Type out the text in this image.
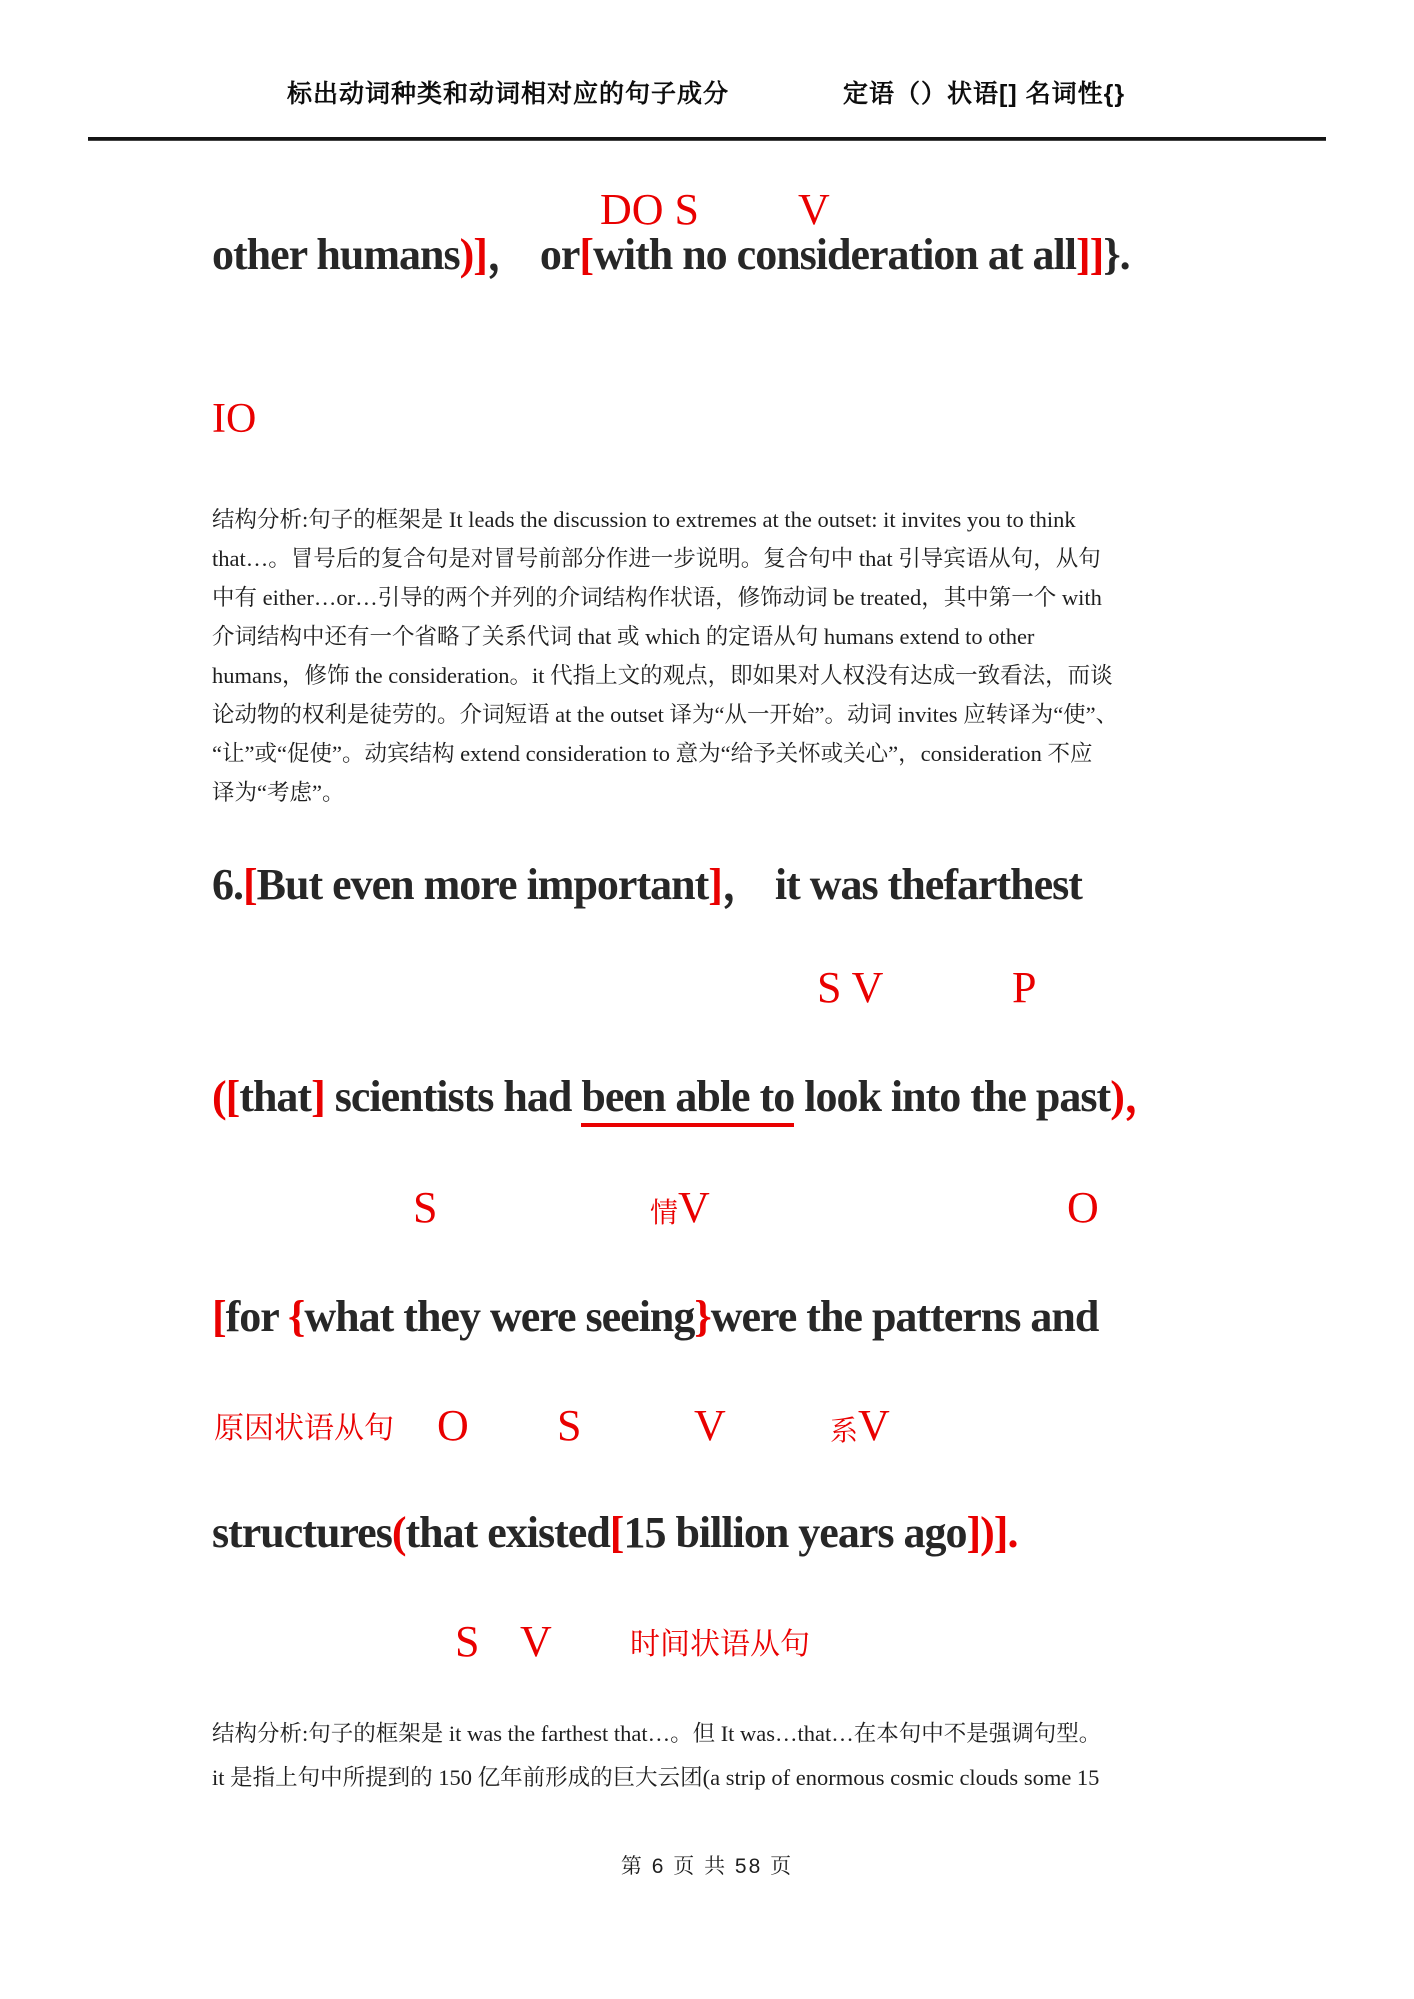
标出动词种类和动词相对应的句子成分	定语（）状语[] 名词性{}
DO S V
other humans)]， or[with no consideration at all]]}.
IO
结构分析:句子的框架是 It leads the discussion to extremes at the outset: it invites you to think
that…。冒号后的复合句是对冒号前部分作进一步说明。复合句中 that 引导宾语从句，从句
中有 either…or…引导的两个并列的介词结构作状语，修饰动词 be treated，其中第一个 with
介词结构中还有一个省略了关系代词 that 或 which 的定语从句 humans extend to other
humans，修饰 the consideration。it 代指上文的观点，即如果对人权没有达成一致看法，而谈
论动物的权利是徒劳的。介词短语 at the outset 译为“从一开始”。动词 invites 应转译为“使”、
“让”或“促使”。动宾结构 extend consideration to 意为“给予关怀或关心”，consideration 不应
译为“考虑”。
6.[But even more important]， it was thefarthest
S V	P
([that] scientists had been able to look into the past)，
S	情V	O
[for {what they were seeing}were the patterns and
原因状语从句 O S	V	系V
structures(that existed[15 billion years ago])].
S V	时间状语从句
结构分析:句子的框架是 it was the farthest that…。但 It was…that…在本句中不是强调句型。
it 是指上句中所提到的 150 亿年前形成的巨大云团(a strip of enormous cosmic clouds some 15
第 6 页 共 58 页
